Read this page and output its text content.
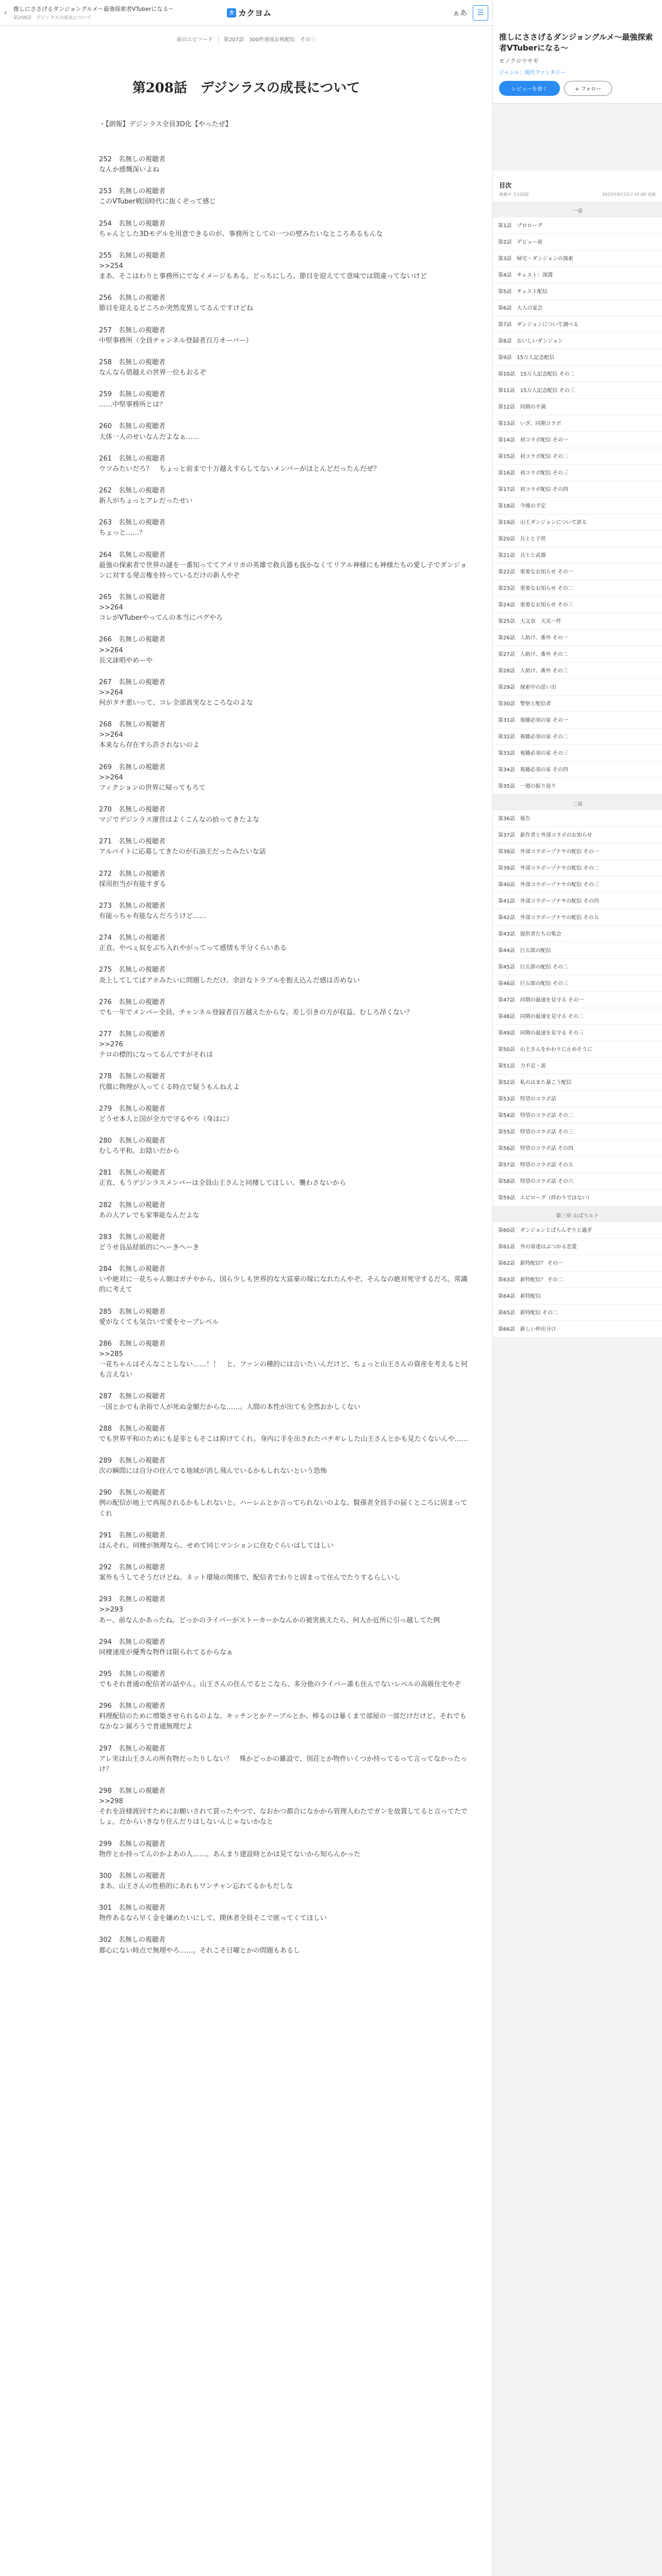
‹	推しにささげるダンジョングルメ～最強探索者VTuberになる～
第208話　デジンラスの成長について
カ カクヨム	ぁあ	☰
前のエピソード	第207話　300件達成お祝配信　その三
第208話　デジンラスの成長について
・【朗報】デジンラス全員3D化【やったぜ】
252　名無しの視聴者
なんか感慨深いよね
253　名無しの視聴者
このVTuber戦国時代に抜くぞって感じ
254　名無しの視聴者
ちゃんとした3Dモデルを用意できるのが、事務所としての一つの壁みたいなところあるもんな
255　名無しの視聴者
>>254
まあ、そこはわりと事務所にでなイメージもある。どっちにしろ、節目を迎えてて意味では間違ってないけど
256　名無しの視聴者
節目を迎えるどころか突然変異してるんですけどね
257　名無しの視聴者
中堅事務所（全員チャンネル登録者百万オーバー）
258　名無しの視聴者
なんなら借越えの世界一位もおるぞ
259　名無しの視聴者
……中堅事務所とは？
260　名無しの視聴者
大体一人のせいなんだよなぁ……
261　名無しの視聴者
ウツみたいだろ？　ちょっと前まで十万越えすらしてないメンバーがほとんどだったんだぜ？
262　名無しの視聴者
新人がちょっとアレだったせい
263　名無しの視聴者
ちょっと……？
264　名無しの視聴者
最強の探索者で世界の謎を一番知っててアメリカの英雄で救兵器も抜かなくてリアル神様にも神様たちの愛し子でダンジョンに対する発言権を持っているだけの新人やぞ
265　名無しの視聴者
>>264
コレがVTuberやってんの本当にバグやろ
266　名無しの視聴者
>>264
長文詠唱やめーや
267　名無しの視聴者
>>264
何がタチ悪いって、コレ全部真実なところなのよな
268　名無しの視聴者
>>264
本来なら存在すら許されないのよ
269　名無しの視聴者
>>264
フィクションの世界に帰ってもろて
270　名無しの視聴者
マジでデジンラス運営はよくこんなの拾ってきたよな
271　名無しの視聴者
アルバイトに応募してきたのが石油王だったみたいな話
272　名無しの視聴者
採用担当が有能すぎる
273　名無しの視聴者
有能っちゃ有能なんだろうけど……
274　名無しの視聴者
正直、やべぇ奴をぶち入れやがってって感情も半分くらいある
275　名無しの視聴者
炎上してしてばアホみたいに問題しただけ、余計なトラブルを抱え込んだ感は否めない
276　名無しの視聴者
でも一年でメンバー全員、チャンネル登録者百万越えたからな。差し引きの方が収益、むしろ昂くない？
277　名無しの視聴者
>>276
テロの標的になってるんですがそれは
278　名無しの視聴者
代償に物理が入ってくる時点で疑うもんねえよ
279　名無しの視聴者
どうせ本人と国が全力で守るやろ（身はに）
280　名無しの視聴者
むしろ平和。お陰いだから
281　名無しの視聴者
正直、もうデジンラスメンバーは全員山王さんと同棲してほしい。襲わさないから
282　名無しの視聴者
あの人アレでも家事能なんだよな
283　名無しの視聴者
どうせ良品経紙的にへーきへーき
284　名無しの視聴者
いや絶対に一花ちゃん側はガチやから。国ら少しも世界的な大富豪の嫁になれたんやぞ、そんなの絶対死守するだろ。常識的に考えて
285　名無しの視聴者
愛がなくても気合いで愛をセーブレベル
286　名無しの視聴者
>>285
一花ちゃんはそんなことしない……！！　と、ファンの種的には言いたいんだけど、ちょっと山王さんの資産を考えると何も言えない
287　名無しの視聴者
一国とかでも余裕で人が死ぬ金額だからな……。人間の本性が出ても全然おかしくない
288　名無しの視聴者
でも世界平和のためにも是非ともそこは抑けてくれ。身内に手を出されたバチギレした山王さんとかも見たくないんや……
289　名無しの視聴者
次の瞬間には自分の住んでる地域が消し飛んでいるかもしれないという恐怖
290　名無しの視聴者
例の配信が地上で再現されるかもしれないと。ハーレムとか言ってられないのよな。賢孫者全員手の届くところに固まってくれ
291　名無しの視聴者
ほんそれ。同棲が無理なら、せめて同じマンションに住むぐらいはしてほしい
292　名無しの視聴者
案外もうしてそうだけどね。ネット環境の関係で、配信者でわりと固まって住んでたりするらしいし
293　名無しの視聴者
>>293
あー。前なんかあったね。どっかのライバーがストーカーかなんかの被害族えたら、何人か近所に引っ越してた例
294　名無しの視聴者
同棲速度が優秀な物件は限られてるからなぁ
295　名無しの視聴者
でもそれ普通の配信者の話やん。山王さんの住んでるとこなら、多分他のライバー誰も住んでないレベルの高級住宅やぞ
296　名無しの視聴者
料理配信のために増築させられるのよな。キッチンとかテーブルとか。棒るのは暴くまで部屋の一部だけだけど。それでもなかなン属ろうで普通無理だよ
297　名無しの視聴者
アレ実は山王さんの所有物だったりしない？　殊かどっかの雑設で、別荘とか物件いくつか持ってるって言ってなかったっけ？
298　名無しの視聴者
>>298
それを詮様渡回すためにお願いされて買ったやつで、なおかつ都合になかから管理人わたでガンを放置してると言ってたでしょ。だからいきなり住んだりはしないんじゃないかなと
299　名無しの視聴者
物件とか持ってんのかよあの人……。あんまり建設時とかは見てないから知らんかった
300　名無しの視聴者
まあ、山王さんの性格的にあれもワンチャン忘れてるかもだしな
301　名無しの視聴者
物件あるなら早く金を嫌めたいにして、開休者全員そこで匿ってくてほしい
302　名無しの視聴者
都心にない時点で無理やろ……。それこそ日曜とかの問題もあるし
推しにささげるダンジョングルメ～最強探索者VTuberになる～
モノクロウサギ
ジャンル：現代ファンタジー
レビューを書く	+ フォロー
目次
連載中 全220話	2023年9月12日 01:00 更新
一章
第1話　プロローグ
第2話　デビュー前
第3話　帰宅・ダンジョンの探索
第4話　チェスト：深淵
第5話　チェスト配信
第6話　大人の宴会
第7話　ダンジョンについて調べる
第8話　おいしいダンジョン
第9話　15万人記念配信
第10話　15万人記念配信 その二
第11話　15万人記念配信 その三
第12話　同期の不満
第13話　いざ、同期コラボ
第14話　初コラボ配信 その一
第15話　初コラボ配信 その二
第16話　初コラボ配信 その三
第17話　初コラボ配信 その四
第18話　今後の予定
第19話　山王ダンジョンについて語る
第20話　兵士と子供
第21話　兵士と武器
第22話　重要なお知らせ その一
第23話　重要なお知らせ その二
第24話　重要なお知らせ その三
第25話　大文章　天災一件
第26話　人助け、番外 その一
第27話　人助け、番外 その二
第28話　人助け、番外 その三
第29話　探索中の思い出
第30話　警察と配信者
第31話　視聴必須の家 その一
第32話　視聴必須の家 その二
第33話　視聴必須の家 その三
第34話　視聴必須の家 その四
第35話　一週の振り返り
二章
第36話　報告
第37話　新作者と外部コラボのお知らせ
第38話　外部コラボーゾナヤの配信 その一
第39話　外部コラボーゾナヤの配信 その二
第40話　外部コラボーゾナヤの配信 その三
第41話　外部コラボーゾナヤの配信 その四
第42話　外部コラボーゾナヤの配信 その五
第43話　提供者たちの集会
第44話　巨五郎の配信
第45話　巨五郎の配信 その二
第46話　巨五郎の配信 その三
第47話　同期の最速を見守る その一
第48話　同期の最速を見守る その二
第49話　同期の最速を見守る その三
第50話　山王さんをかわりに止めそうに
第51話　力不足・説
第52話　私のはまた暴こう配信
第53話　特望のコラボ話
第54話　特望のコラボ話 その二
第55話　特望のコラボ話 その三
第56話　特望のコラボ話 その四
第57話　特望のコラボ話 その五
第58話　特望のコラボ話 その六
第59話　エピローグ（終わりではない）
第三章 山ぱりルト
第60話　ダンジョンとばらんぞりと過ぎ
第61話　外の扉達はぶつかる恋愛
第62話　新特配信？ その一
第63話　新特配信？ その二
第64話　新特配信
第65話　新特配信 その二
第66話　新しい仲出分け
